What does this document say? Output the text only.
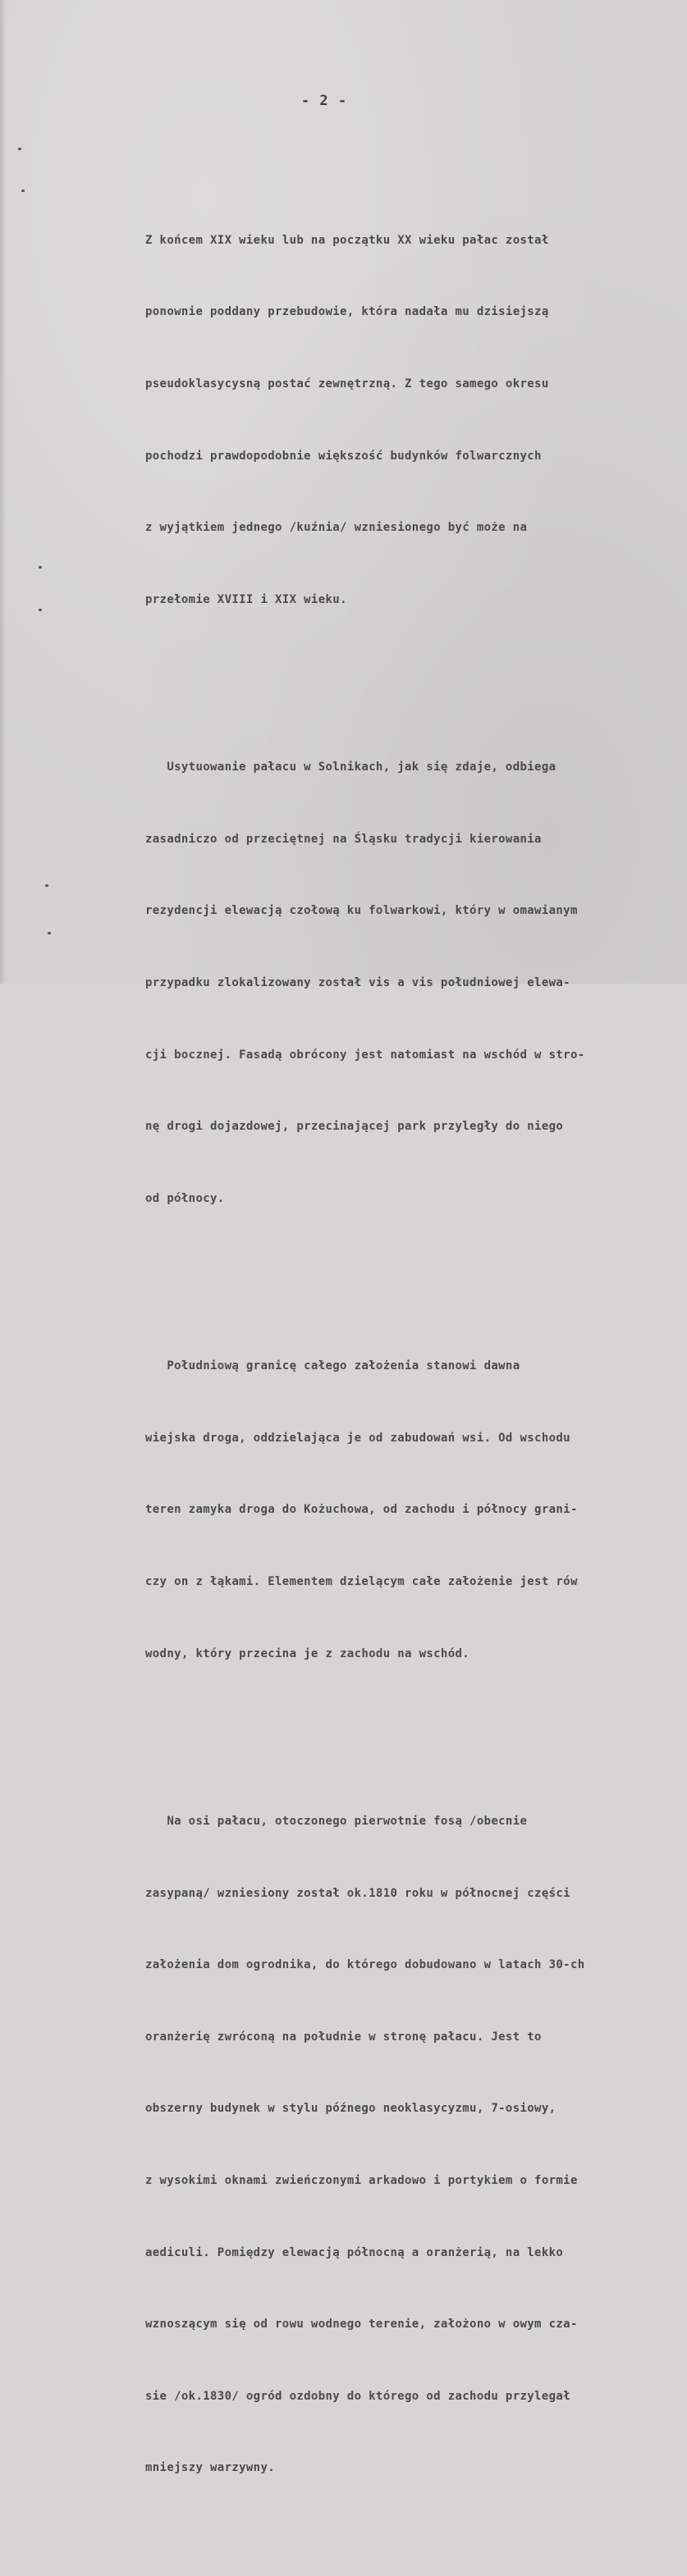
- 2 -

Z końcem XIX wieku lub na początku XX wieku pałac został

ponownie poddany przebudowie, która nadała mu dzisiejszą

pseudoklasycysną postać zewnętrzną. Z tego samego okresu

pochodzi prawdopodobnie większość budynków folwarcznych

z wyjątkiem jednego /kuźnia/ wzniesionego być może na

przełomie XVIII i XIX wieku.

Usytuowanie pałacu w Solnikach, jak się zdaje, odbiega

zasadniczo od przeciętnej na Śląsku tradycji kierowania

rezydencji elewacją czołową ku folwarkowi, który w omawianym

przypadku zlokalizowany został vis a vis południowej elewa-

cji bocznej. Fasadą obrócony jest natomiast na wschód w stro-

nę drogi dojazdowej, przecinającej park przyległy do niego

od północy.

Południową granicę całego założenia stanowi dawna

wiejska droga, oddzielająca je od zabudowań wsi. Od wschodu

teren zamyka droga do Kożuchowa, od zachodu i północy grani-

czy on z łąkami. Elementem dzielącym całe założenie jest rów

wodny, który przecina je z zachodu na wschód.

Na osi pałacu, otoczonego pierwotnie fosą /obecnie

zasypaną/ wzniesiony został ok.1810 roku w północnej części

założenia dom ogrodnika, do którego dobudowano w latach 30-ch

oranżerię zwróconą na południe w stronę pałacu. Jest to

obszerny budynek w stylu późnego neoklasycyzmu, 7-osiowy,

z wysokimi oknami zwieńczonymi arkadowo i portykiem o formie

aediculi. Pomiędzy elewacją północną a oranżerią, na lekko

wznoszącym się od rowu wodnego terenie, założono w owym cza-

sie /ok.1830/ ogród ozdobny do którego od zachodu przylegał

mniejszy warzywny.
